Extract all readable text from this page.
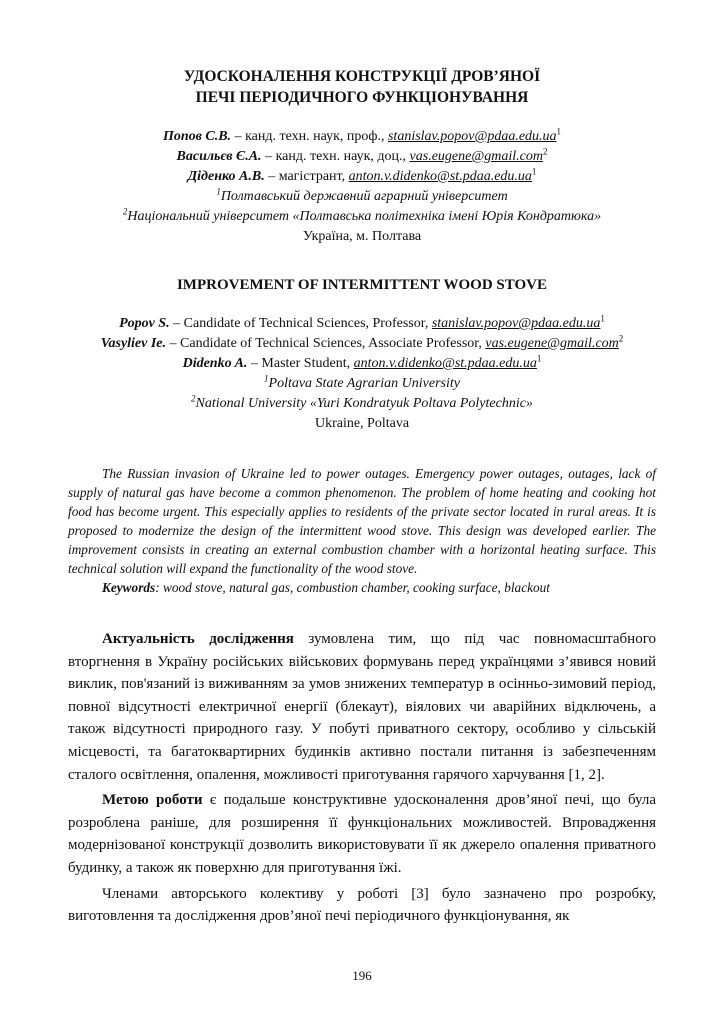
УДОСКОНАЛЕННЯ КОНСТРУКЦІЇ ДРОВ’ЯНОЇ
ПЕЧІ ПЕРІОДИЧНОГО ФУНКЦІОНУВАННЯ
Попов С.В. – канд. техн. наук, проф., $stanislav.popov@pdaa.edu.ua^1$
Васильєв Є.А. – канд. техн. наук, доц., vas.eugene@gmail.com$^2$
Діденко А.В. – магістрант, $anton.v.didenko@st.pdaa.edu.ua^1$
$^1$Полтавський державний аграрний університет
$^2$Національний університет «Полтавська політехніка імені Юрія Кондратюка»
Україна, м. Полтава
IMPROVEMENT OF INTERMITTENT WOOD STOVE
Popov S. – Candidate of Technical Sciences, Professor, $stanislav.popov@pdaa.edu.ua^1$
Vasyliev Ie. – Candidate of Technical Sciences, Associate Professor, vas.eugene@gmail.com$^2$
Didenko A. – Master Student, $anton.v.didenko@st.pdaa.edu.ua^1$
$^1$Poltava State Agrarian University
$^2$National University «Yuri Kondratyuk Poltava Polytechnic»
Ukraine, Poltava

The Russian invasion of Ukraine led to power outages. Emergency power outages, outages, lack of supply of natural gas have become a common phenomenon. The problem of home heating and cooking hot food has become urgent. This especially applies to residents of the private sector located in rural areas. It is proposed to modernize the design of the intermittent wood stove. This design was developed earlier. The improvement consists in creating an external combustion chamber with a horizontal heating surface. This technical solution will expand the functionality of the wood stove.

Keywords: wood stove, natural gas, combustion chamber, cooking surface, blackout

Актуальність дослідження зумовлена тим, що під час повномасштабного вторгнення в Україну російських військових формувань перед українцями з’явився новий виклик, пов'язаний із виживанням за умов знижених температур в осінньо-зимовий період, повної відсутності електричної енергії (блекаут), віялових чи аварійних відключень, а також відсутності природного газу. У побуті приватного сектору, особливо у сільській місцевості, та багатоквартирних будинків активно постали питання із забезпеченням сталого освітлення, опалення, можливості приготування гарячого харчування [1, 2].

Метою роботи є подальше конструктивне удосконалення дров’яної печі, що була розроблена раніше, для розширення її функціональних можливостей. Впровадження модернізованої конструкції дозволить використовувати її як джерело опалення приватного будинку, а також як поверхню для приготування їжі.

Членами авторського колективу у роботі [3] було зазначено про розробку, виготовлення та дослідження дров’яної печі періодичного функціонування, як

196
